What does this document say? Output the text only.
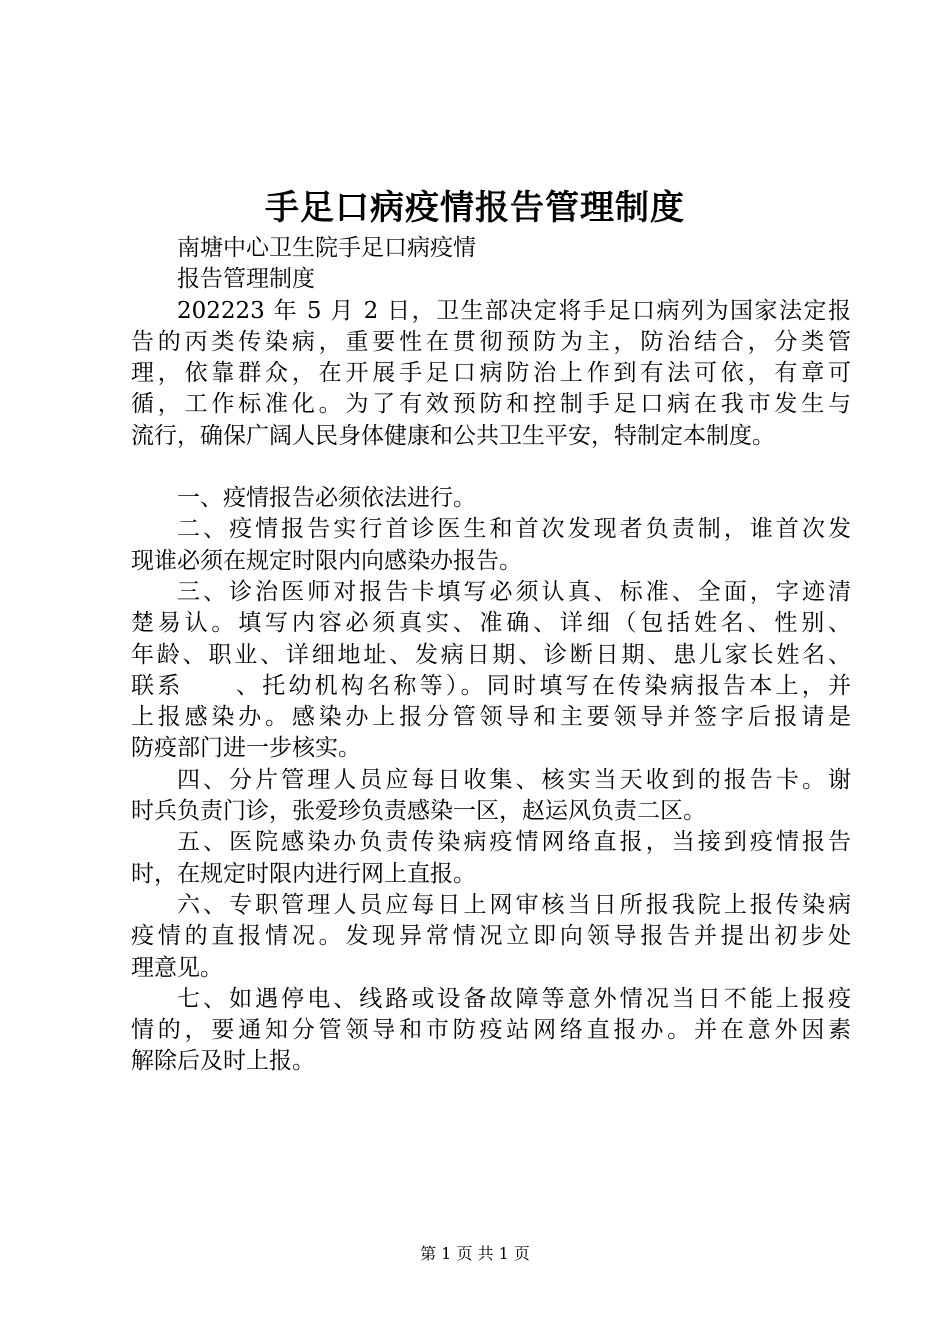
手足口病疫情报告管理制度
南塘中心卫生院手足口病疫情
报告管理制度
202223 年 5 月 2 日，卫生部决定将手足口病列为国家法定报
告的丙类传染病，重要性在贯彻预防为主，防治结合，分类管
理，依靠群众，在开展手足口病防治上作到有法可依，有章可
循，工作标准化。为了有效预防和控制手足口病在我市发生与
流行，确保广阔人民身体健康和公共卫生平安，特制定本制度。
一、疫情报告必须依法进行。
二、疫情报告实行首诊医生和首次发现者负责制，谁首次发
现谁必须在规定时限内向感染办报告。
三、诊治医师对报告卡填写必须认真、标准、全面，字迹清
楚易认。填写内容必须真实、准确、详细（包括姓名、性别、
年龄、职业、详细地址、发病日期、诊断日期、患儿家长姓名、
联系　　、托幼机构名称等）。同时填写在传染病报告本上，并
上报感染办。感染办上报分管领导和主要领导并签字后报请是
防疫部门进一步核实。
四、分片管理人员应每日收集、核实当天收到的报告卡。谢
时兵负责门诊，张爱珍负责感染一区，赵运风负责二区。
五、医院感染办负责传染病疫情网络直报，当接到疫情报告
时，在规定时限内进行网上直报。
六、专职管理人员应每日上网审核当日所报我院上报传染病
疫情的直报情况。发现异常情况立即向领导报告并提出初步处
理意见。
七、如遇停电、线路或设备故障等意外情况当日不能上报疫
情的，要通知分管领导和市防疫站网络直报办。并在意外因素
解除后及时上报。
第 1 页 共 1 页
